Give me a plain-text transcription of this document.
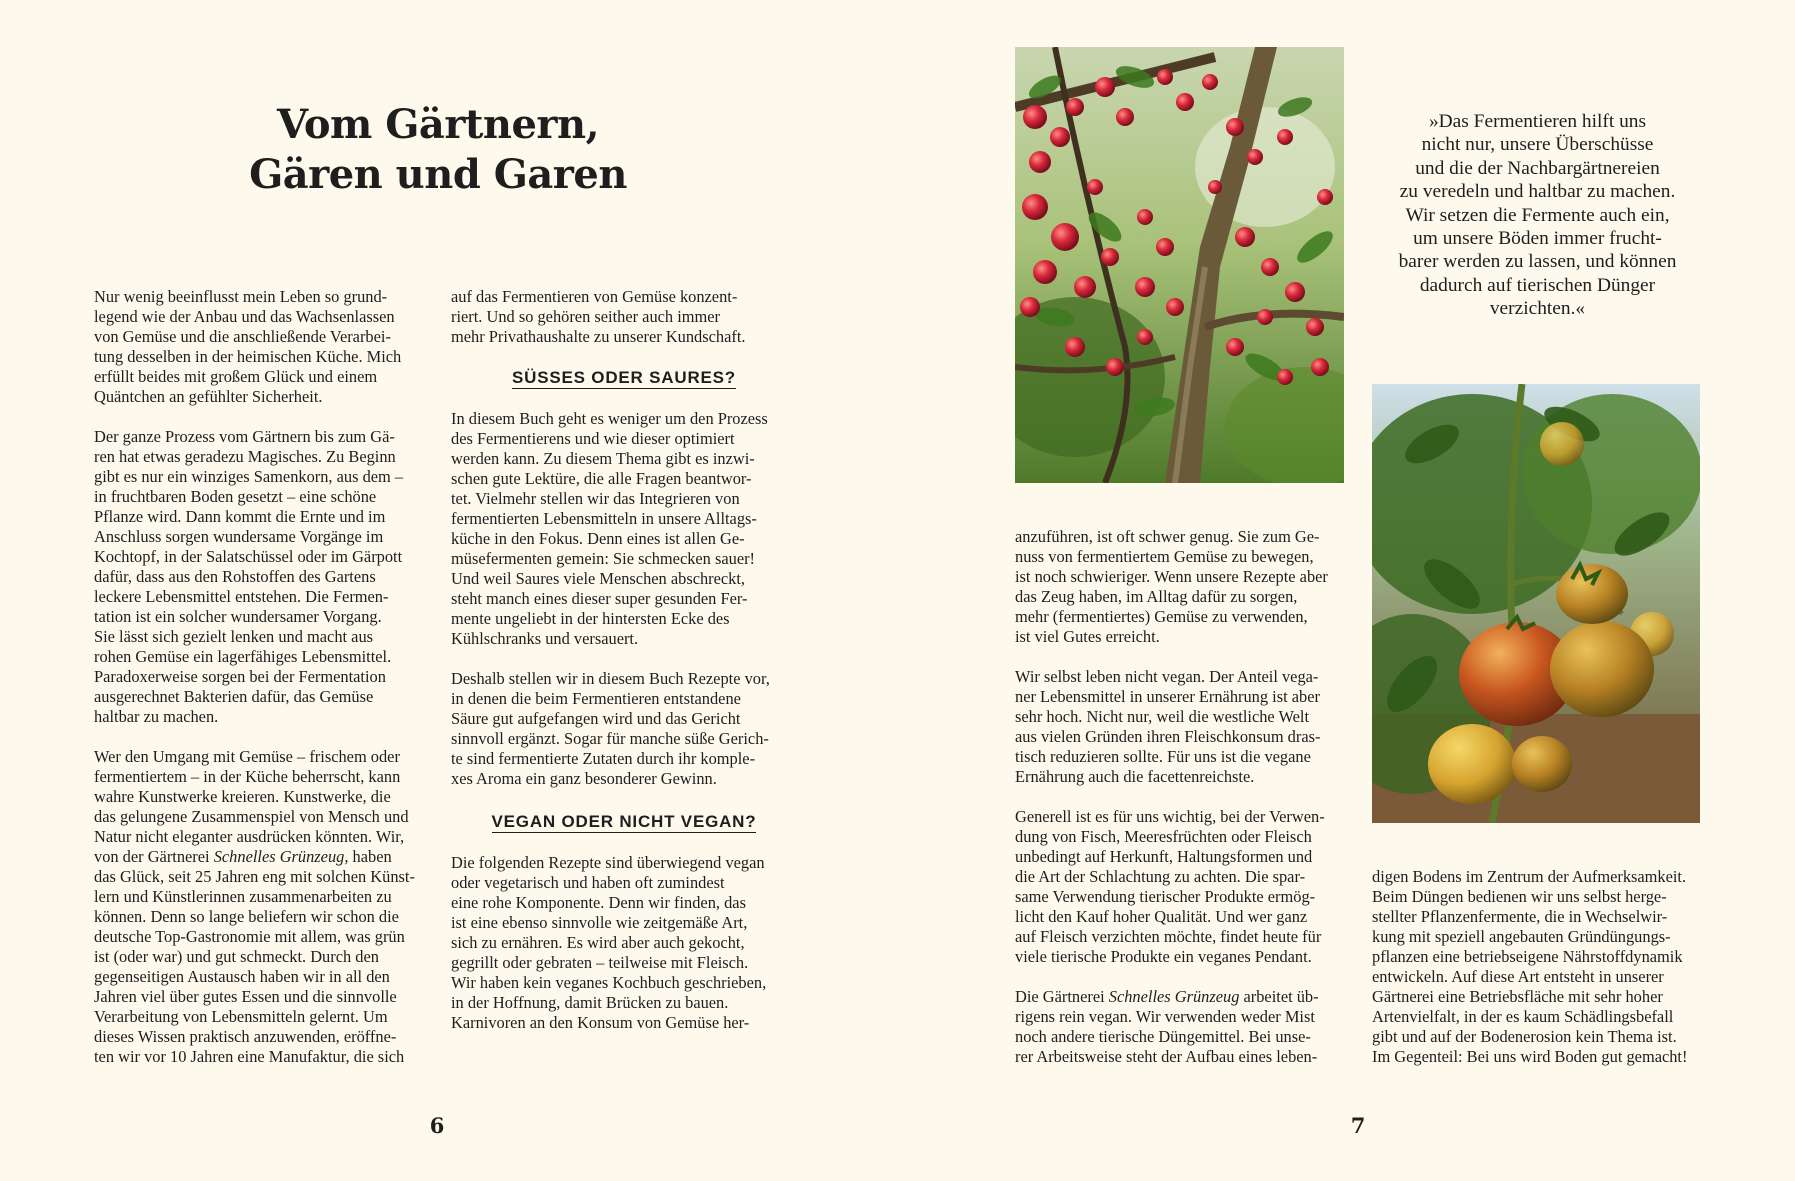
Vom Gärtnern,
Gären und Garen

Nur wenig beeinflusst mein Leben so grund-
legend wie der Anbau und das Wachsenlassen
von Gemüse und die anschließende Verarbei-
tung desselben in der heimischen Küche. Mich
erfüllt beides mit großem Glück und einem
Quäntchen an gefühlter Sicherheit.

Der ganze Prozess vom Gärtnern bis zum Gä-
ren hat etwas geradezu Magisches. Zu Beginn
gibt es nur ein winziges Samenkorn, aus dem –
in fruchtbaren Boden gesetzt – eine schöne
Pflanze wird. Dann kommt die Ernte und im
Anschluss sorgen wundersame Vorgänge im
Kochtopf, in der Salatschüssel oder im Gärpott
dafür, dass aus den Rohstoffen des Gartens
leckere Lebensmittel entstehen. Die Fermen-
tation ist ein solcher wundersamer Vorgang.
Sie lässt sich gezielt lenken und macht aus
rohen Gemüse ein lagerfähiges Lebensmittel.
Paradoxerweise sorgen bei der Fermentation
ausgerechnet Bakterien dafür, das Gemüse
haltbar zu machen.

Wer den Umgang mit Gemüse – frischem oder
fermentiertem – in der Küche beherrscht, kann
wahre Kunstwerke kreieren. Kunstwerke, die
das gelungene Zusammenspiel von Mensch und
Natur nicht eleganter ausdrücken könnten. Wir,
von der Gärtnerei Schnelles Grünzeug, haben
das Glück, seit 25 Jahren eng mit solchen Künst-
lern und Künstlerinnen zusammenarbeiten zu
können. Denn so lange beliefern wir schon die
deutsche Top-Gastronomie mit allem, was grün
ist (oder war) und gut schmeckt. Durch den
gegenseitigen Austausch haben wir in all den
Jahren viel über gutes Essen und die sinnvolle
Verarbeitung von Lebensmitteln gelernt. Um
dieses Wissen praktisch anzuwenden, eröffne-
ten wir vor 10 Jahren eine Manufaktur, die sich

auf das Fermentieren von Gemüse konzent-
riert. Und so gehören seither auch immer
mehr Privathaushalte zu unserer Kundschaft.

SÜSSES ODER SAURES?

In diesem Buch geht es weniger um den Prozess
des Fermentierens und wie dieser optimiert
werden kann. Zu diesem Thema gibt es inzwi-
schen gute Lektüre, die alle Fragen beantwor-
tet. Vielmehr stellen wir das Integrieren von
fermentierten Lebensmitteln in unsere Alltags-
küche in den Fokus. Denn eines ist allen Ge-
müsefermenten gemein: Sie schmecken sauer!
Und weil Saures viele Menschen abschreckt,
steht manch eines dieser super gesunden Fer-
mente ungeliebt in der hintersten Ecke des
Kühlschranks und versauert.

Deshalb stellen wir in diesem Buch Rezepte vor,
in denen die beim Fermentieren entstandene
Säure gut aufgefangen wird und das Gericht
sinnvoll ergänzt. Sogar für manche süße Gerich-
te sind fermentierte Zutaten durch ihr komple-
xes Aroma ein ganz besonderer Gewinn.

VEGAN ODER NICHT VEGAN?

Die folgenden Rezepte sind überwiegend vegan
oder vegetarisch und haben oft zumindest
eine rohe Komponente. Denn wir finden, das
ist eine ebenso sinnvolle wie zeitgemäße Art,
sich zu ernähren. Es wird aber auch gekocht,
gegrillt oder gebraten – teilweise mit Fleisch.
Wir haben kein veganes Kochbuch geschrieben,
in der Hoffnung, damit Brücken zu bauen.
Karnivoren an den Konsum von Gemüse her-

anzuführen, ist oft schwer genug. Sie zum Ge-
nuss von fermentiertem Gemüse zu bewegen,
ist noch schwieriger. Wenn unsere Rezepte aber
das Zeug haben, im Alltag dafür zu sorgen,
mehr (fermentiertes) Gemüse zu verwenden,
ist viel Gutes erreicht.

Wir selbst leben nicht vegan. Der Anteil vega-
ner Lebensmittel in unserer Ernährung ist aber
sehr hoch. Nicht nur, weil die westliche Welt
aus vielen Gründen ihren Fleischkonsum dras-
tisch reduzieren sollte. Für uns ist die vegane
Ernährung auch die facettenreichste.

Generell ist es für uns wichtig, bei der Verwen-
dung von Fisch, Meeresfrüchten oder Fleisch
unbedingt auf Herkunft, Haltungsformen und
die Art der Schlachtung zu achten. Die spar-
same Verwendung tierischer Produkte ermög-
licht den Kauf hoher Qualität. Und wer ganz
auf Fleisch verzichten möchte, findet heute für
viele tierische Produkte ein veganes Pendant.

Die Gärtnerei Schnelles Grünzeug arbeitet üb-
rigens rein vegan. Wir verwenden weder Mist
noch andere tierische Düngemittel. Bei unse-
rer Arbeitsweise steht der Aufbau eines leben-

digen Bodens im Zentrum der Aufmerksamkeit.
Beim Düngen bedienen wir uns selbst herge-
stellter Pflanzenfermente, die in Wechselwir-
kung mit speziell angebauten Gründüngungs-
pflanzen eine betriebseigene Nährstoffdynamik
entwickeln. Auf diese Art entsteht in unserer
Gärtnerei eine Betriebsfläche mit sehr hoher
Artenvielfalt, in der es kaum Schädlingsbefall
gibt und auf der Bodenerosion kein Thema ist.
Im Gegenteil: Bei uns wird Boden gut gemacht!

»Das Fermentieren hilft uns
nicht nur, unsere Überschüsse
und die der Nachbargärtnereien
zu veredeln und haltbar zu machen.
Wir setzen die Fermente auch ein,
um unsere Böden immer frucht-
barer werden zu lassen, und können
dadurch auf tierischen Dünger
verzichten.«

6	7
